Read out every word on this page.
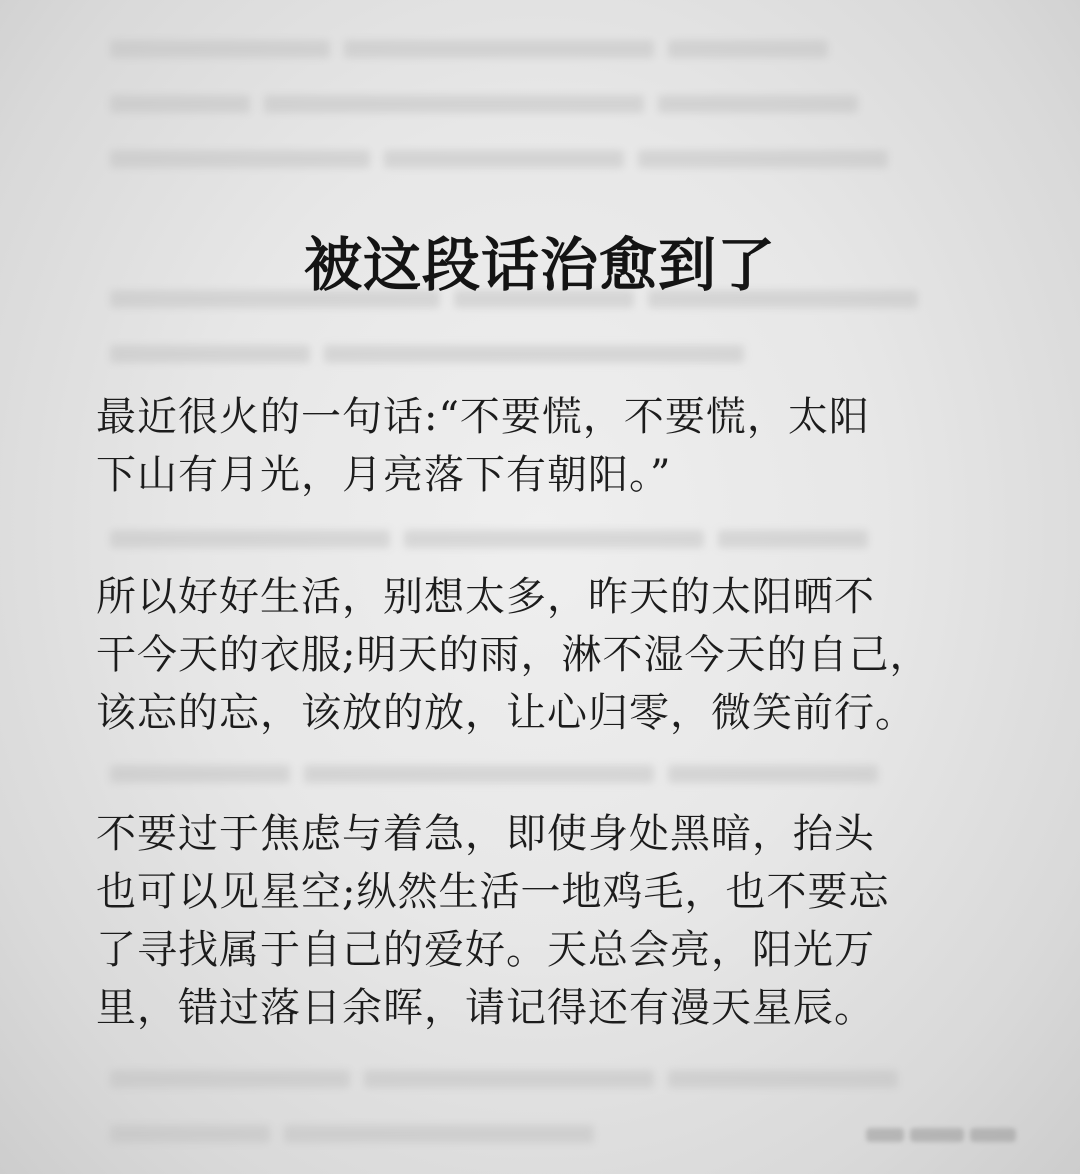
被这段话治愈到了

最近很火的一句话:“不要慌，不要慌，太阳
下山有月光，月亮落下有朝阳。”

所以好好生活，别想太多，昨天的太阳晒不
干今天的衣服;明天的雨，淋不湿今天的自己，
该忘的忘，该放的放，让心归零，微笑前行。

不要过于焦虑与着急，即使身处黑暗，抬头
也可以见星空;纵然生活一地鸡毛，也不要忘
了寻找属于自己的爱好。天总会亮，阳光万
里，错过落日余晖，请记得还有漫天星辰。
